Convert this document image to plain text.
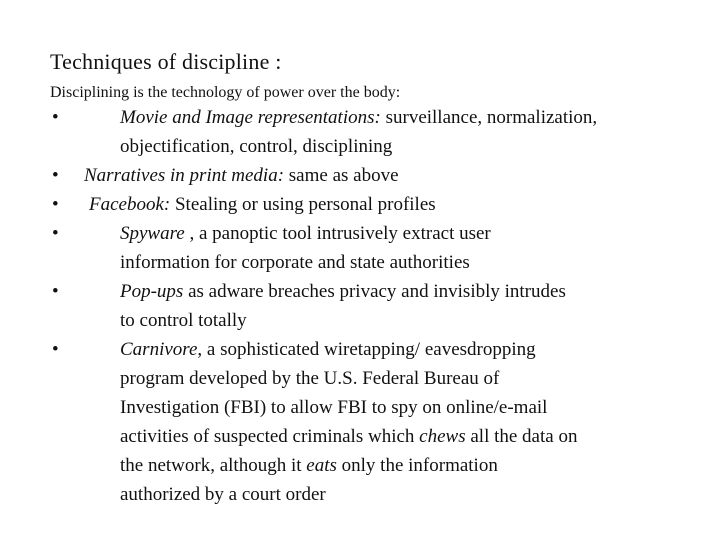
Techniques of discipline :
Disciplining is the technology of power over the body:
•	Movie and Image representations: surveillance, normalization,
objectification, control, disciplining
• Narratives in print media: same as above
• Facebook: Stealing or using personal profiles
•	Spyware , a panoptic tool intrusively extract user
information for corporate and state authorities
•	Pop-ups as adware breaches privacy and invisibly intrudes
to control totally
•	Carnivore, a sophisticated wiretapping/ eavesdropping
program developed by the U.S. Federal Bureau of
Investigation (FBI) to allow FBI to spy on online/e-mail
activities of suspected criminals which chews all the data on
the network, although it eats only the information
authorized by a court order
